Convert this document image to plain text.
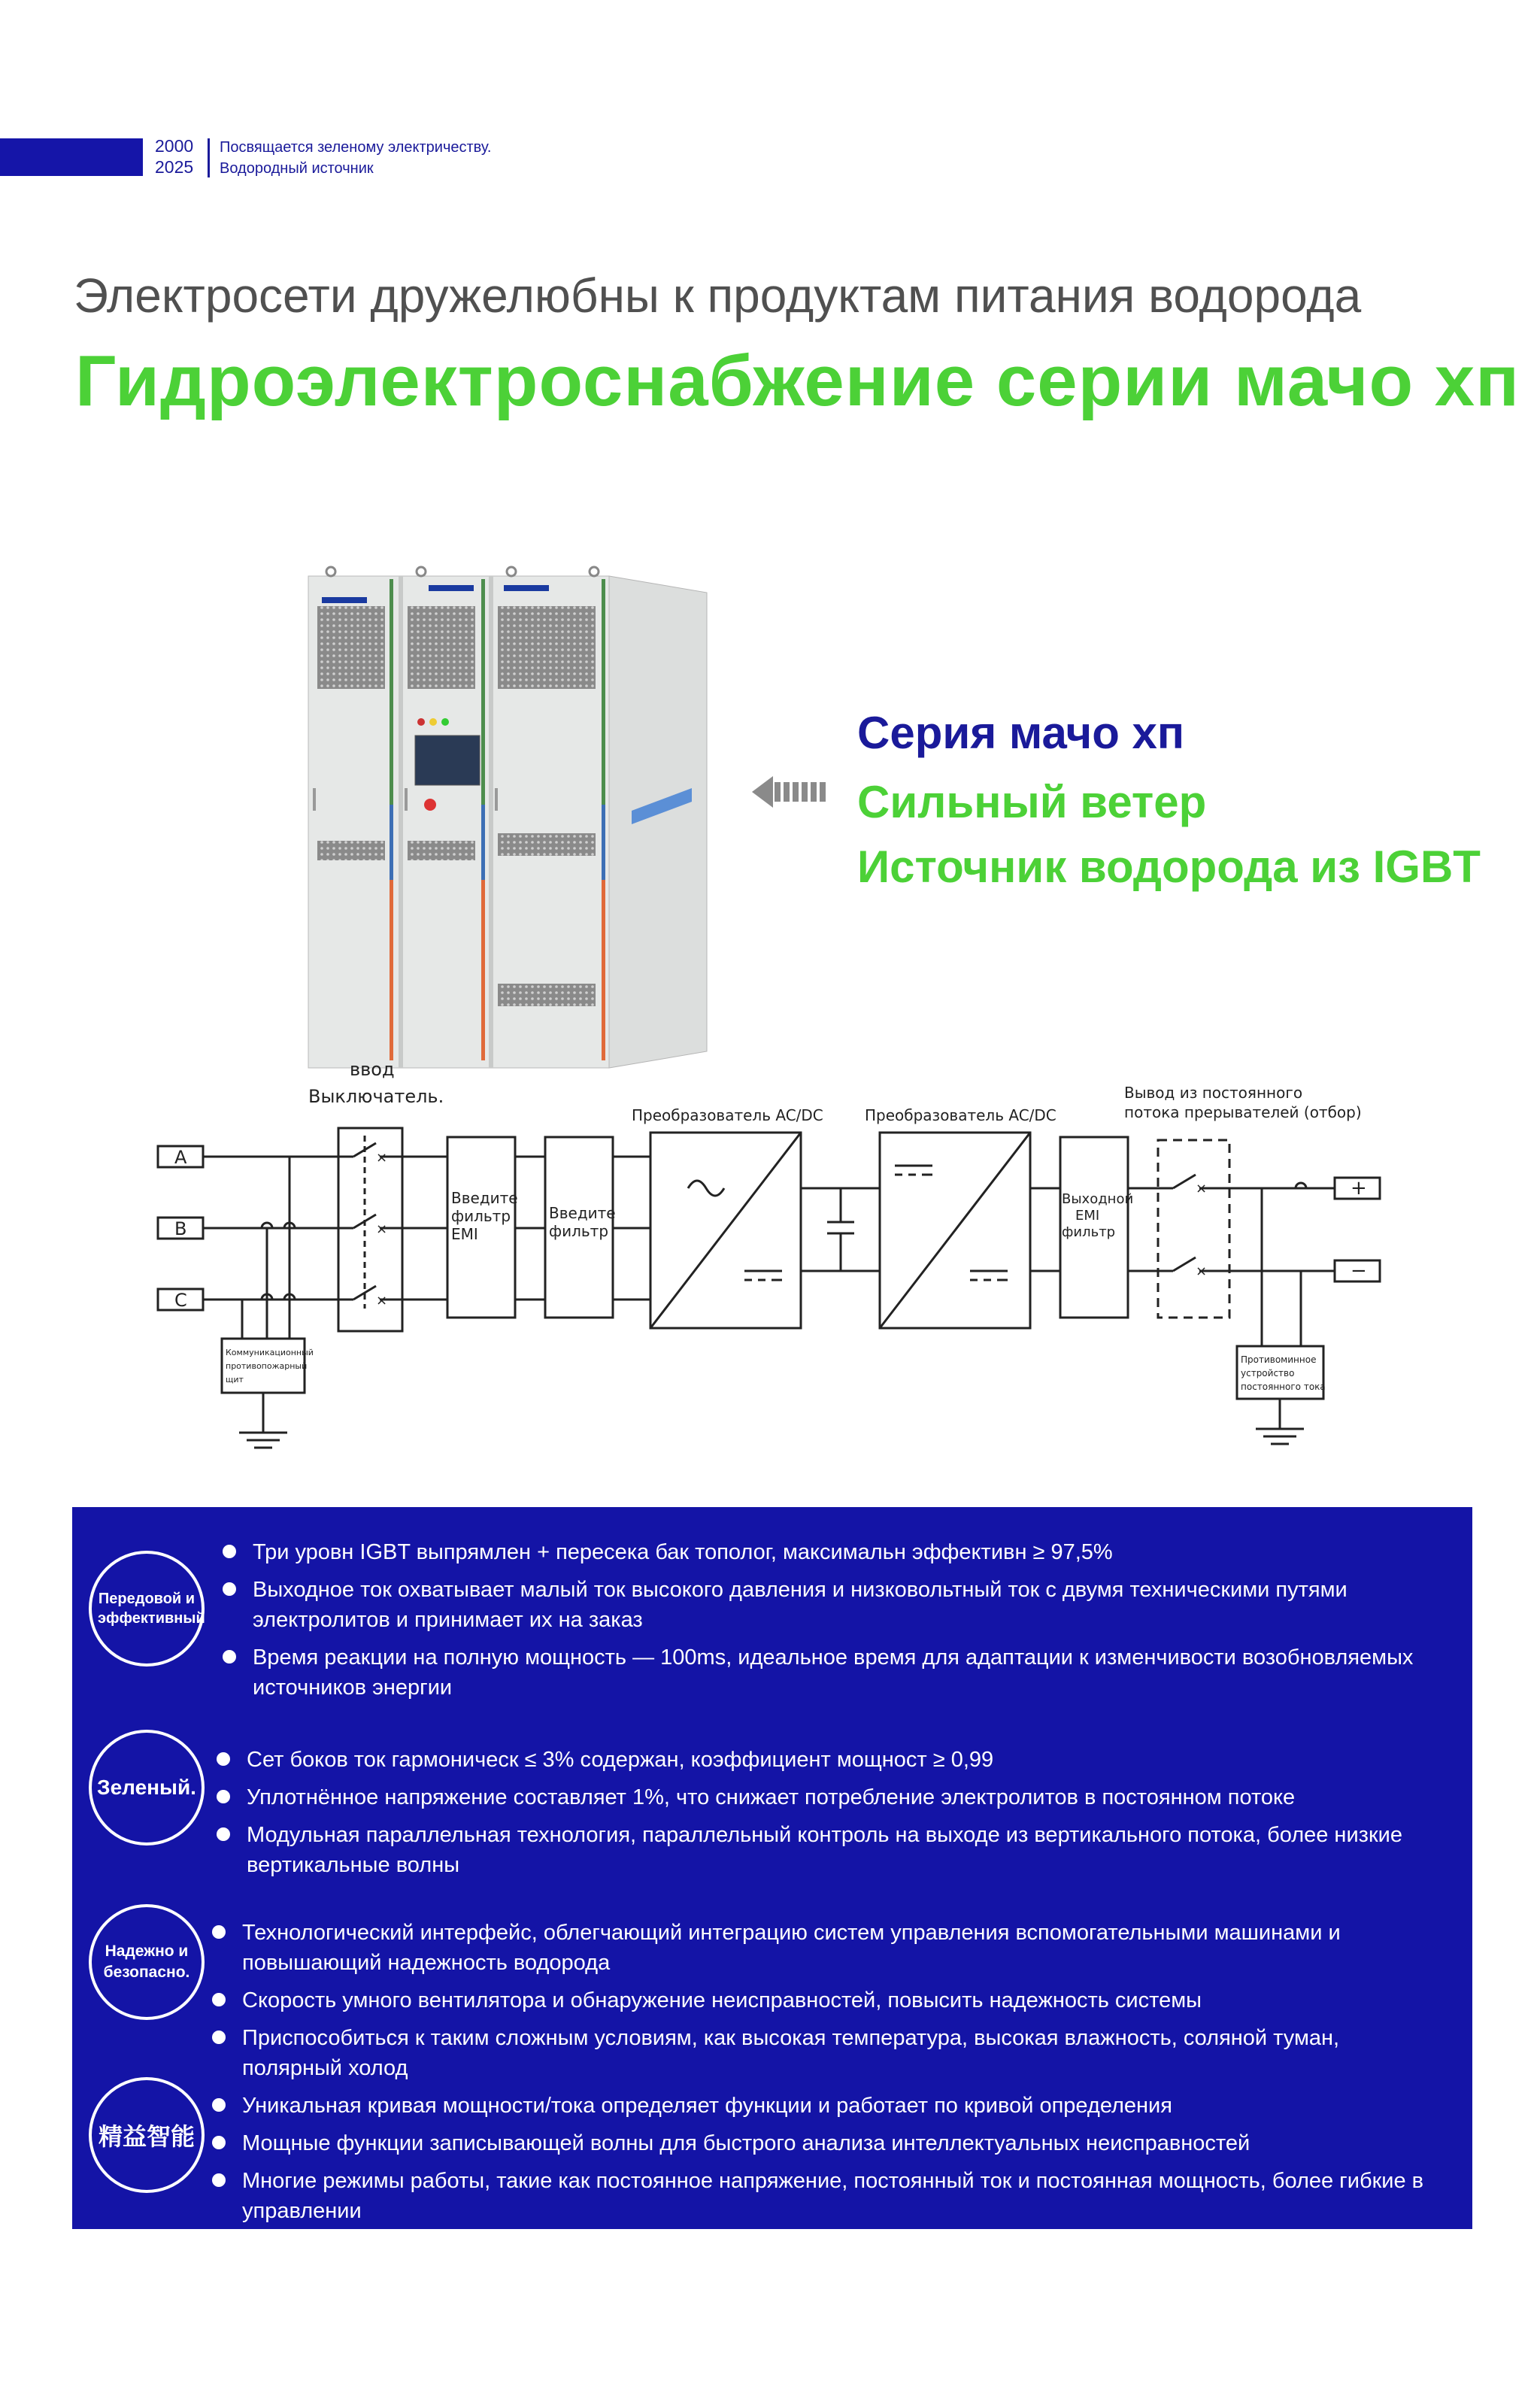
2000
2025
Посвящается зеленому электричеству.
Водородный источник
Электросети дружелюбны к продуктам питания водорода
Гидроэлектроснабжение серии мачо хп
Серия мачо хп
Сильный ветер
Источник водорода из IGBT
×
×
×
×
×
A
B
C
+
−
ввод
Выключатель.
Преобразователь AC/DC	Преобразователь AC/DC
Вывод из постоянного
потока прерывателей (отбор)
Введите
фильтр
EMI
Введите
фильтр
Выходной
EMI
фильтр
Коммуникационный
противопожарный
щит
Противоминное
устройство
постоянного тока
Передовой и эффективный
Три уровн IGBT выпрямлен + пересека бак тополог, максимальн эффективн ≥ 97,5%
Выходное ток охватывает малый ток высокого давления и низковольтный ток с двумя техническими путями электролитов и принимает их на заказ
Время реакции на полную мощность — 100ms, идеальное время для адаптации к изменчивости возобновляемых источников энергии
Зеленый.
Сет боков ток гармоническ ≤ 3% содержан, коэффициент мощност ≥ 0,99
Уплотнённое напряжение составляет 1%, что снижает потребление электролитов в постоянном потоке
Модульная параллельная технология, параллельный контроль на выходе из вертикального потока, более низкие вертикальные волны
Надежно и безопасно.
Технологический интерфейс, облегчающий интеграцию систем управления вспомогательными машинами и повышающий надежность водорода
Скорость умного вентилятора и обнаружение неисправностей, повысить надежность системы
Приспособиться к таким сложным условиям, как высокая температура, высокая влажность, соляной туман, полярный холод
精益智能
Уникальная кривая мощности/тока определяет функции и работает по кривой определения
Мощные функции записывающей волны для быстрого анализа интеллектуальных неисправностей
Многие режимы работы, такие как постоянное напряжение, постоянный ток и постоянная мощность, более гибкие в управлении
